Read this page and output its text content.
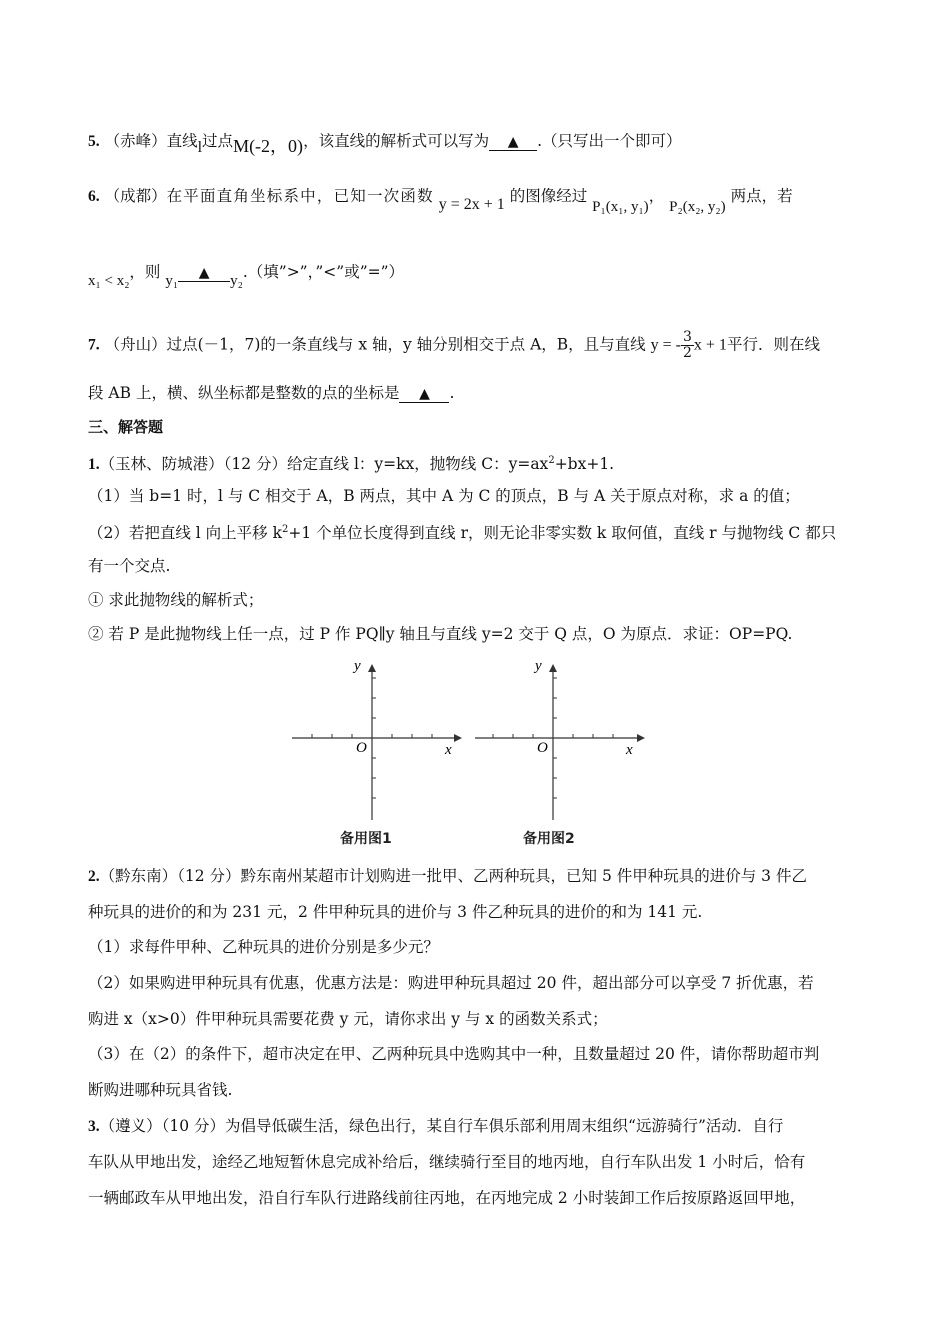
5. （赤峰）直线l过点M(-2，0)，该直线的解析式可以写为 ▲ .（只写出一个即可）
6. （成都）在平面直角坐标系中，已知一次函数 y = 2x + 1 的图像经过 P₁(x₁, y₁)， P₂(x₂, y₂) 两点，若
x₁ < x₂，则 y₁ ▲ y₂.（填”>”，”<”或”=”）
7. （舟山）过点(－1，7)的一条直线与 x 轴，y 轴分别相交于点 A，B，且与直线 y = - $\frac{3}{2}$ x + 1平行．则在线
段 AB 上，横、纵坐标都是整数的点的坐标是 ▲ .
三、解答题
1.（玉林、防城港）（12 分）给定直线 l：y=kx，抛物线 C：$y=ax^2+bx+1$.
（1）当 b=1 时，l 与 C 相交于 A，B 两点，其中 A 为 C 的顶点，B 与 A 关于原点对称，求 a 的值；
（2）若把直线 l 向上平移 $k^2+1$ 个单位长度得到直线 r，则无论非零实数 k 取何值，直线 r 与抛物线 C 都只
有一个交点.
① 求此抛物线的解析式；
② 若 P 是此抛物线上任一点，过 P 作 PQ∥y 轴且与直线 y=2 交于 Q 点，O 为原点．求证：OP=PQ.
y
x
O
备用图1
y
x
O
备用图2
2.（黔东南）（12 分）黔东南州某超市计划购进一批甲、乙两种玩具，已知 5 件甲种玩具的进价与 3 件乙
种玩具的进价的和为 231 元，2 件甲种玩具的进价与 3 件乙种玩具的进价的和为 141 元.
（1）求每件甲种、乙种玩具的进价分别是多少元？
（2）如果购进甲种玩具有优惠，优惠方法是：购进甲种玩具超过 20 件，超出部分可以享受 7 折优惠，若
购进 x（x>0）件甲种玩具需要花费 y 元，请你求出 y 与 x 的函数关系式；
（3）在（2）的条件下，超市决定在甲、乙两种玩具中选购其中一种，且数量超过 20 件，请你帮助超市判
断购进哪种玩具省钱.
3.（遵义）（10 分）为倡导低碳生活，绿色出行，某自行车俱乐部利用周末组织“远游骑行”活动．自行
车队从甲地出发，途经乙地短暂休息完成补给后，继续骑行至目的地丙地，自行车队出发 1 小时后，恰有
一辆邮政车从甲地出发，沿自行车队行进路线前往丙地，在丙地完成 2 小时装卸工作后按原路返回甲地，
